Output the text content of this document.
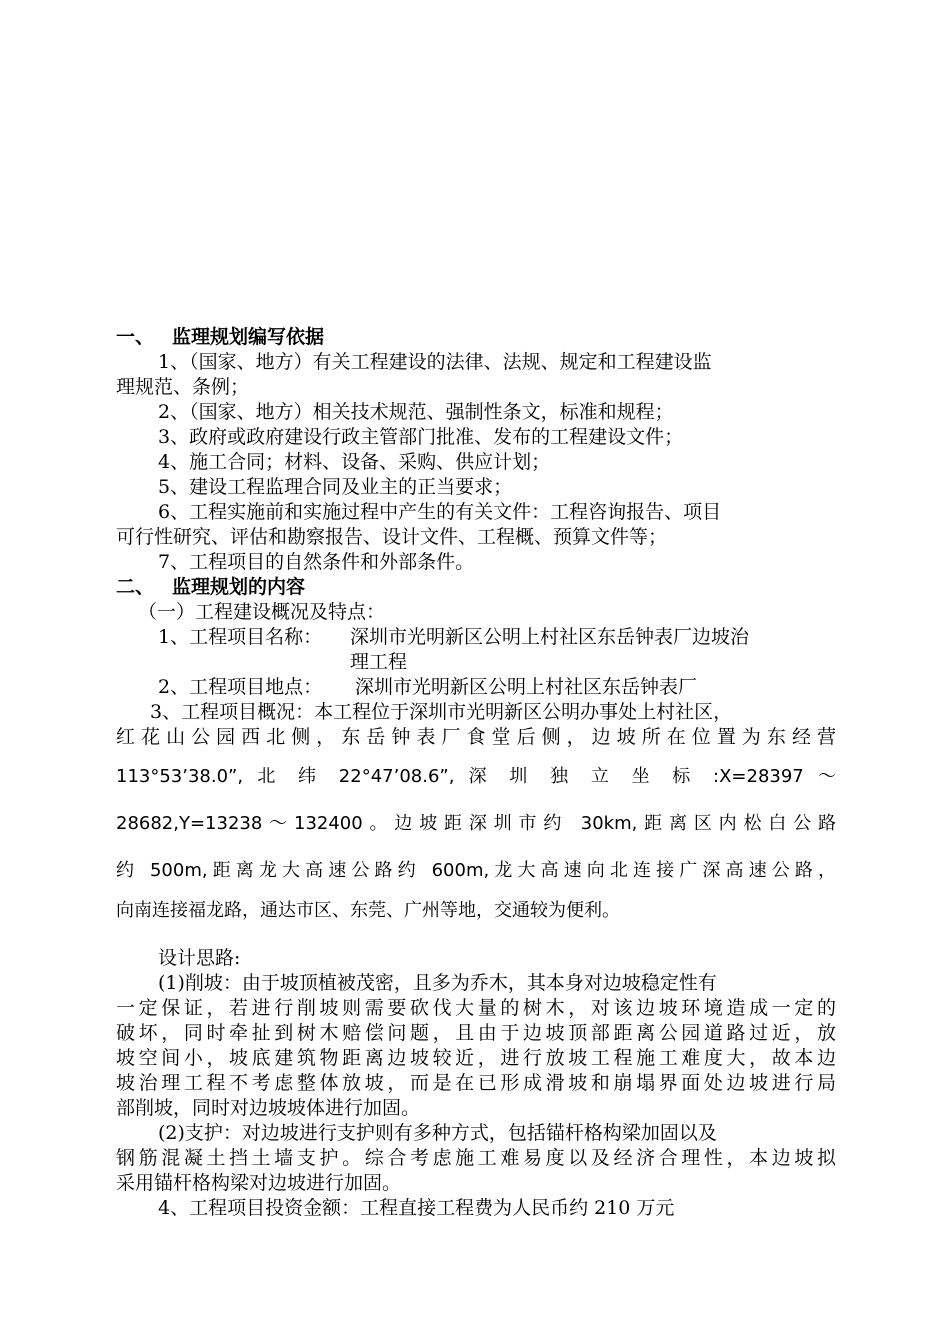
一、 监理规划编写依据
1、（国家、地方）有关工程建设的法律、法规、规定和工程建设监
理规范、条例；
2、（国家、地方）相关技术规范、强制性条文，标准和规程；
3、政府或政府建设行政主管部门批准、发布的工程建设文件；
4、施工合同；材料、设备、采购、供应计划；
5、建设工程监理合同及业主的正当要求；
6、工程实施前和实施过程中产生的有关文件：工程咨询报告、项目
可行性研究、评估和勘察报告、设计文件、工程概、预算文件等；
7、工程项目的自然条件和外部条件。
二、 监理规划的内容
（一）工程建设概况及特点：
1、工程项目名称：	深圳市光明新区公明上村社区东岳钟表厂边坡治
理工程
2、工程项目地点：	深圳市光明新区公明上村社区东岳钟表厂
3、工程项目概况：本工程位于深圳市光明新区公明办事处上村社区，
红花山公园西北侧，东岳钟表厂食堂后侧，边坡所在位置为东经营
113°53’38.0”, 北 纬 22°47’08.6”, 深 圳 独 立 坐 标 :X=28397 ～
28682,Y=13238～132400。边坡距深圳市约 30km,距离区内松白公路
约 500m,距离龙大高速公路约 600m,龙大高速向北连接广深高速公路，
向南连接福龙路，通达市区、东莞、广州等地，交通较为便利。
设计思路:
(1)削坡：由于坡顶植被茂密，且多为乔木，其本身对边坡稳定性有
一定保证，若进行削坡则需要砍伐大量的树木，对该边坡环境造成一定的
破坏，同时牵扯到树木赔偿问题，且由于边坡顶部距离公园道路过近，放
坡空间小，坡底建筑物距离边坡较近，进行放坡工程施工难度大，故本边
坡治理工程不考虑整体放坡，而是在已形成滑坡和崩塌界面处边坡进行局
部削坡，同时对边坡坡体进行加固。
(2)支护：对边坡进行支护则有多种方式，包括锚杆格构梁加固以及
钢筋混凝土挡土墙支护。综合考虑施工难易度以及经济合理性，本边坡拟
采用锚杆格构梁对边坡进行加固。
4、工程项目投资金额：工程直接工程费为人民币约 210 万元
